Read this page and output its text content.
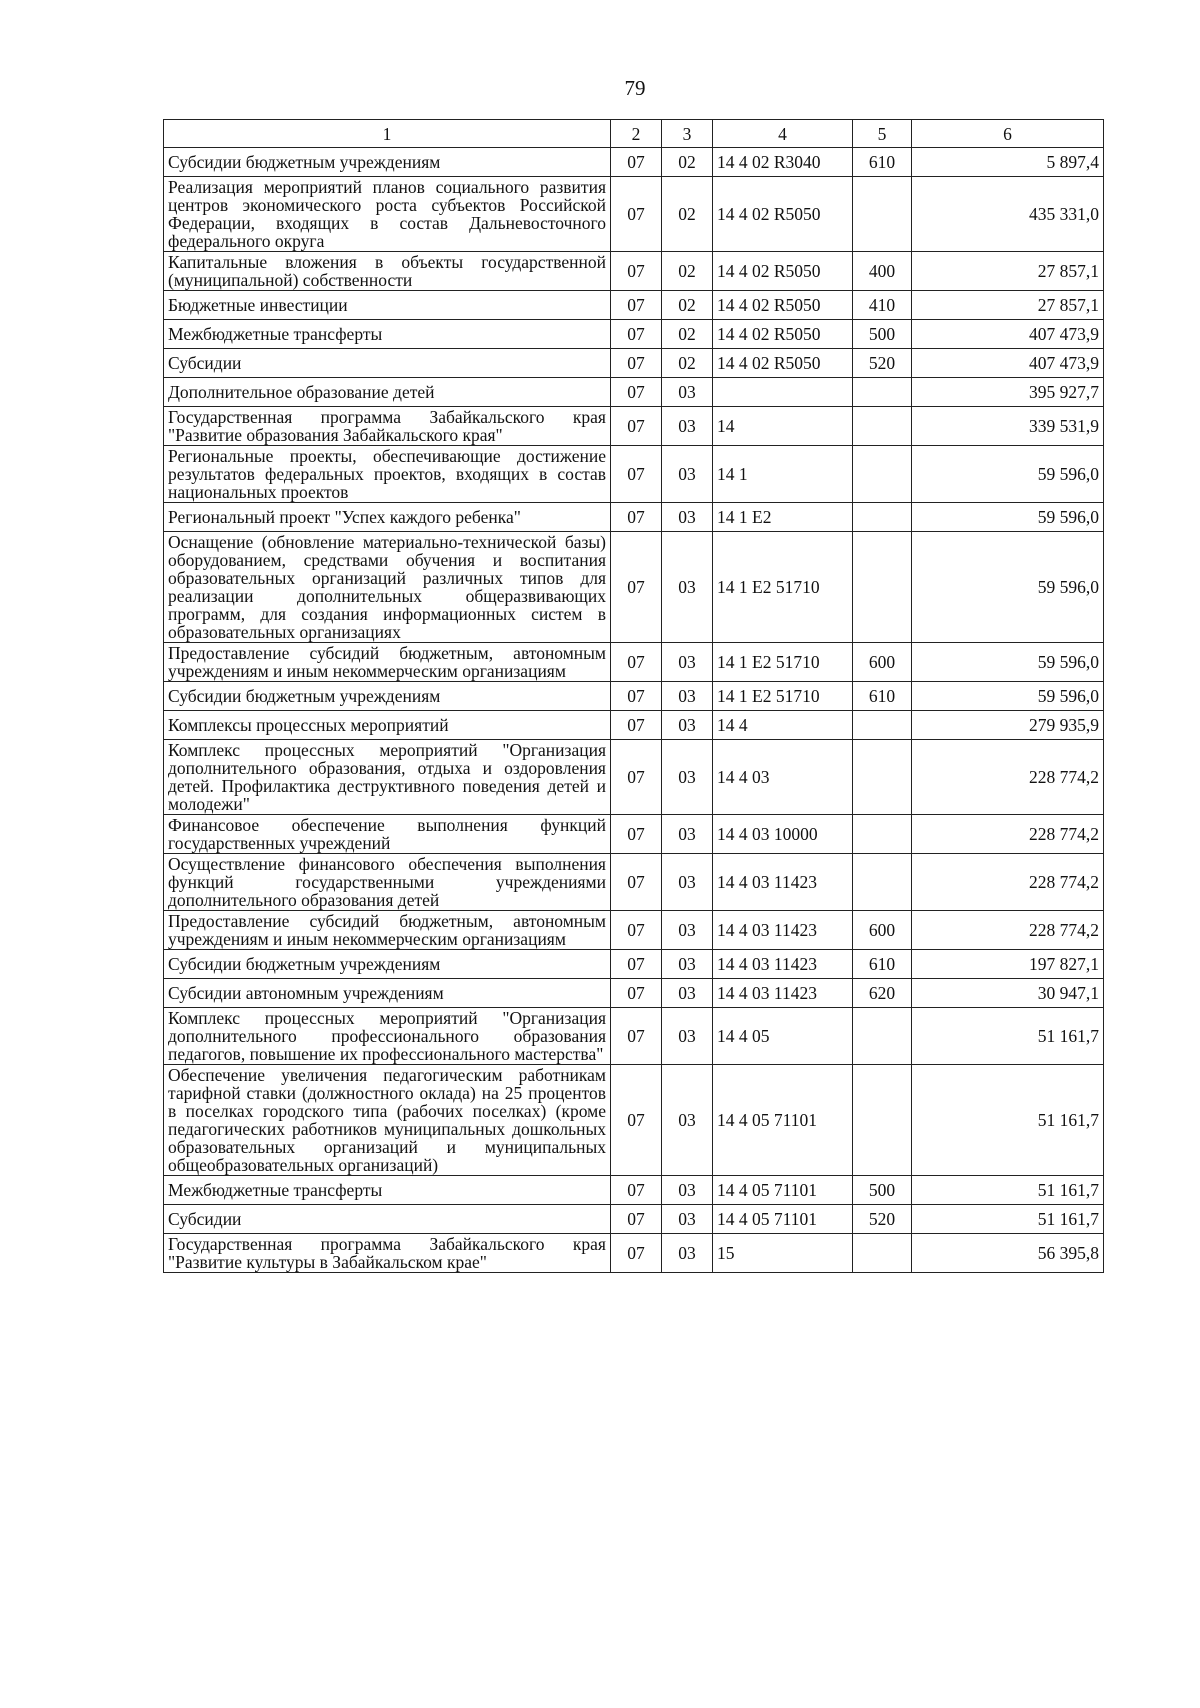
79
1	2	3	4	5	6
Субсидии бюджетным учреждениям	07	02	14 4 02 R3040	610	5 897,4
Реализация мероприятий планов социального развития центров экономического роста субъектов Российской Федерации, входящих в состав Дальневосточного федерального округа	07	02	14 4 02 R5050		435 331,0
Капитальные вложения в объекты государственной (муниципальной) собственности	07	02	14 4 02 R5050	400	27 857,1
Бюджетные инвестиции	07	02	14 4 02 R5050	410	27 857,1
Межбюджетные трансферты	07	02	14 4 02 R5050	500	407 473,9
Субсидии	07	02	14 4 02 R5050	520	407 473,9
Дополнительное образование детей	07	03			395 927,7
Государственная программа Забайкальского края "Развитие образования Забайкальского края"	07	03	14		339 531,9
Региональные проекты, обеспечивающие достижение результатов федеральных проектов, входящих в состав национальных проектов	07	03	14 1		59 596,0
Региональный проект "Успех каждого ребенка"	07	03	14 1 E2		59 596,0
Оснащение (обновление материально-технической базы) оборудованием, средствами обучения и воспитания образовательных организаций различных типов для реализации дополнительных общеразвивающих программ, для создания информационных систем в образовательных организациях	07	03	14 1 E2 51710		59 596,0
Предоставление субсидий бюджетным, автономным учреждениям и иным некоммерческим организациям	07	03	14 1 E2 51710	600	59 596,0
Субсидии бюджетным учреждениям	07	03	14 1 E2 51710	610	59 596,0
Комплексы процессных мероприятий	07	03	14 4		279 935,9
Комплекс процессных мероприятий "Организация дополнительного образования, отдыха и оздоровления детей. Профилактика деструктивного поведения детей и молодежи"	07	03	14 4 03		228 774,2
Финансовое обеспечение выполнения функций государственных учреждений	07	03	14 4 03 10000		228 774,2
Осуществление финансового обеспечения выполнения функций государственными учреждениями дополнительного образования детей	07	03	14 4 03 11423		228 774,2
Предоставление субсидий бюджетным, автономным учреждениям и иным некоммерческим организациям	07	03	14 4 03 11423	600	228 774,2
Субсидии бюджетным учреждениям	07	03	14 4 03 11423	610	197 827,1
Субсидии автономным учреждениям	07	03	14 4 03 11423	620	30 947,1
Комплекс процессных мероприятий "Организация дополнительного профессионального образования педагогов, повышение их профессионального мастерства"	07	03	14 4 05		51 161,7
Обеспечение увеличения педагогическим работникам тарифной ставки (должностного оклада) на 25 процентов в поселках городского типа (рабочих поселках) (кроме педагогических работников муниципальных дошкольных образовательных организаций и муниципальных общеобразовательных организаций)	07	03	14 4 05 71101		51 161,7
Межбюджетные трансферты	07	03	14 4 05 71101	500	51 161,7
Субсидии	07	03	14 4 05 71101	520	51 161,7
Государственная программа Забайкальского края "Развитие культуры в Забайкальском крае"	07	03	15		56 395,8
